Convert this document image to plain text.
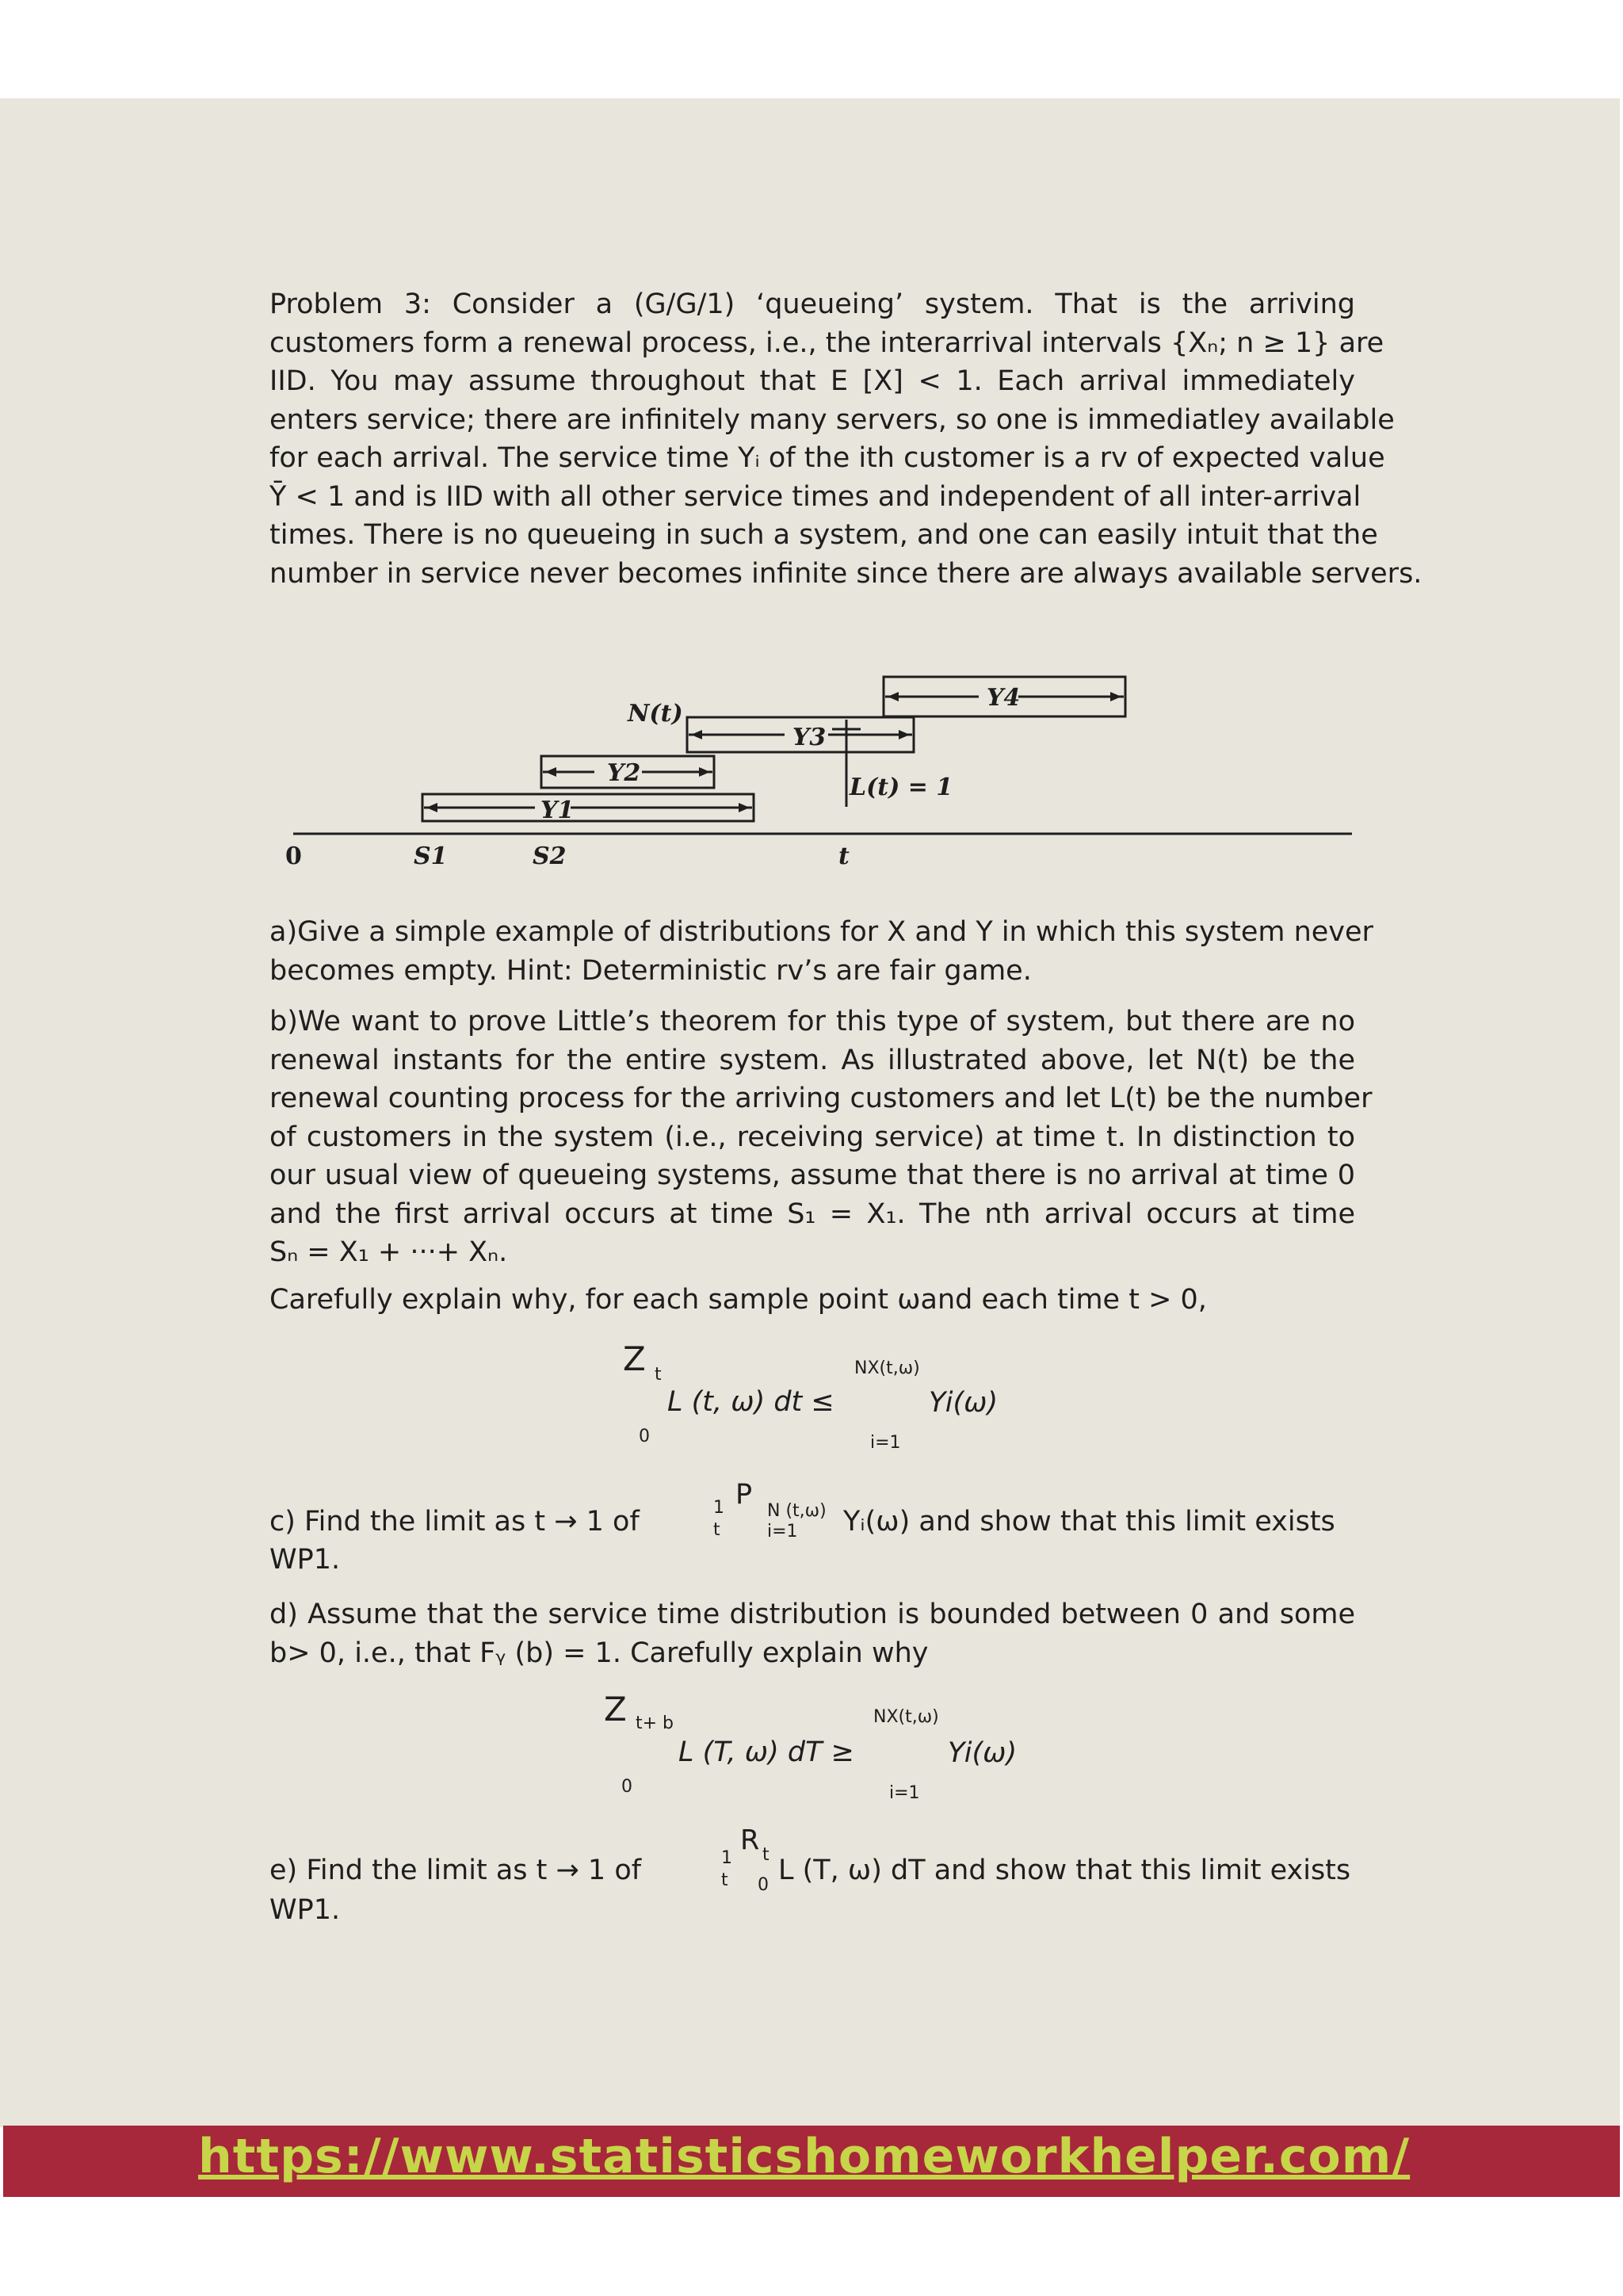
Problem 3: Consider a (G/G/1) ‘queueing’ system. That is the arriving
customers form a renewal process, i.e., the interarrival intervals {Xₙ; n ≥ 1} are
IID. You may assume throughout that E [X] < 1. Each arrival immediately
enters service; there are infinitely many servers, so one is immediatley available
for each arrival. The service time Yᵢ of the ith customer is a rv of expected value
Ȳ < 1 and is IID with all other service times and independent of all inter-arrival
times. There is no queueing in such a system, and one can easily intuit that the
number in service never becomes infinite since there are always available servers.
0	S1	S2	t
Y1
Y2
Y3
Y4
N(t)
L(t) = 1
a)Give a simple example of distributions for X and Y in which this system never
becomes empty. Hint: Deterministic rv’s are fair game.
b)We want to prove Little’s theorem for this type of system, but there are no
renewal instants for the entire system. As illustrated above, let N(t) be the
renewal counting process for the arriving customers and let L(t) be the number
of customers in the system (i.e., receiving service) at time t. In distinction to
our usual view of queueing systems, assume that there is no arrival at time 0
and the first arrival occurs at time S₁ = X₁. The nth arrival occurs at time
Sₙ = X₁ + ···+ Xₙ.
Carefully explain why, for each sample point ωand each time t > 0,
Z t
0
L (t, ω) dt ≤
NX(t,ω)
Yi(ω)
i=1
c) Find the limit as t → 1 of	1
t
P
N (t,ω)
i=1 Yᵢ(ω) and show that this limit exists
WP1.
d) Assume that the service time distribution is bounded between 0 and some
b> 0, i.e., that Fᵧ (b) = 1. Carefully explain why
Z t+ b
0
L (T, ω) dT ≥
NX(t,ω)
Yi(ω)
i=1
e) Find the limit as t → 1 of	1
t
R t
0 L (T, ω) dT and show that this limit exists
WP1.
https://www.statisticshomeworkhelper.com/
